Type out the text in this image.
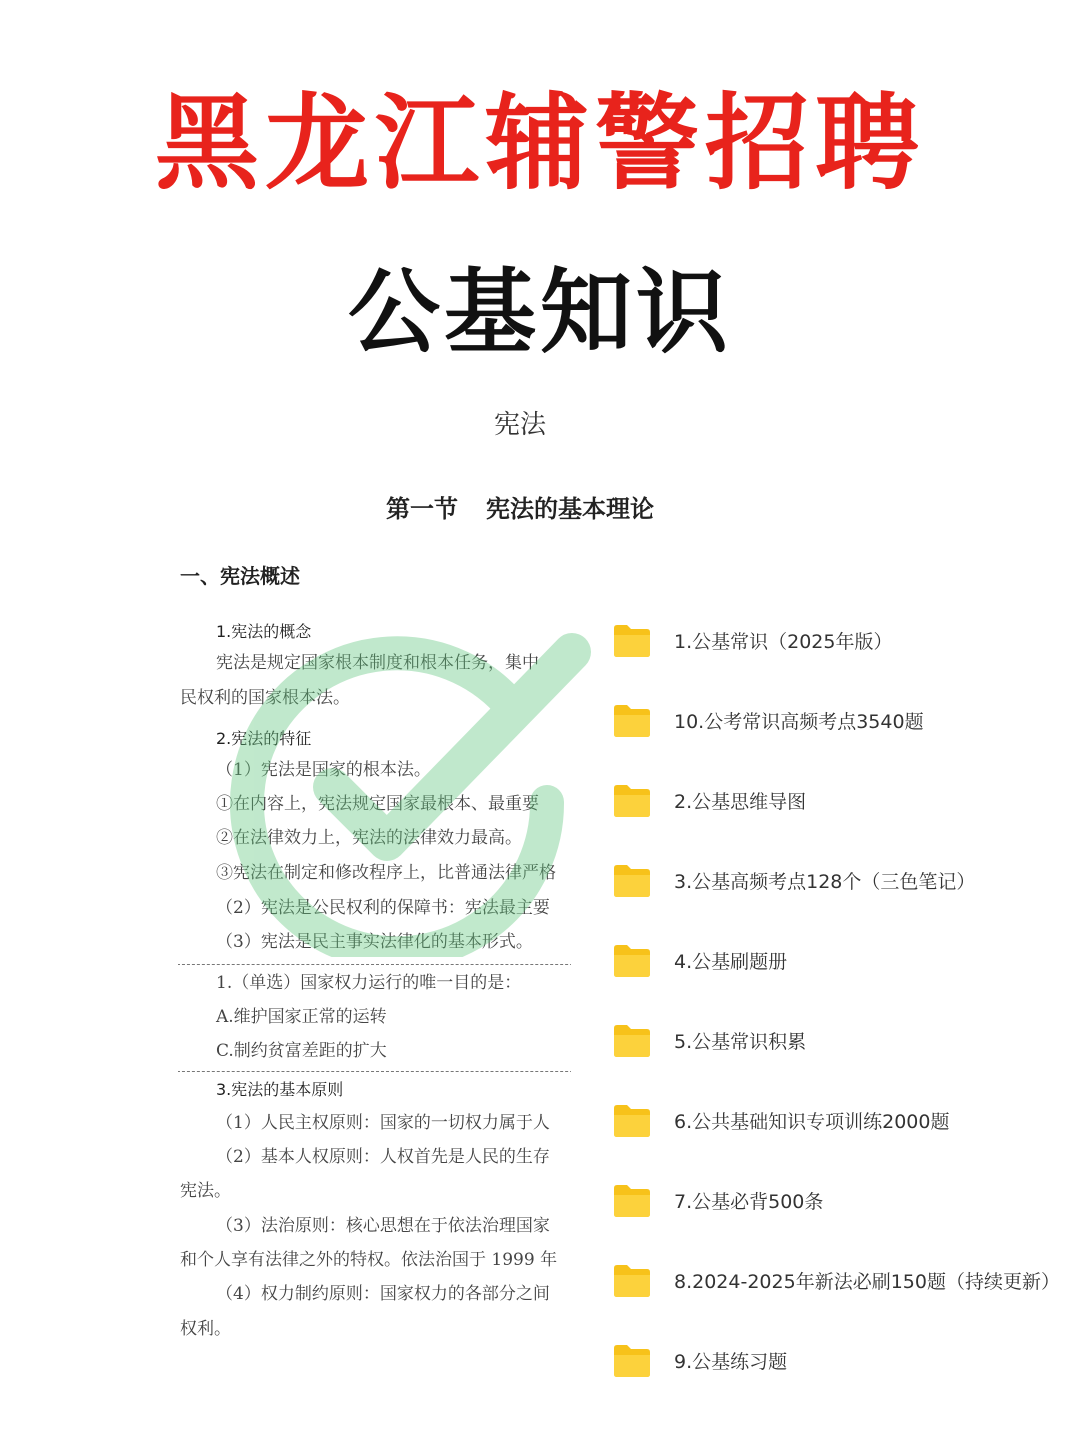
黑龙江辅警招聘
公基知识
宪法
第一节 宪法的基本理论
一、宪法概述
1.宪法的概念
宪法是规定国家根本制度和根本任务，集中
民权利的国家根本法。
2.宪法的特征
（1）宪法是国家的根本法。
①在内容上，宪法规定国家最根本、最重要
②在法律效力上，宪法的法律效力最高。
③宪法在制定和修改程序上，比普通法律严格
（2）宪法是公民权利的保障书：宪法最主要
（3）宪法是民主事实法律化的基本形式。
1.（单选）国家权力运行的唯一目的是：
A.维护国家正常的运转
C.制约贫富差距的扩大
3.宪法的基本原则
（1）人民主权原则：国家的一切权力属于人
（2）基本人权原则：人权首先是人民的生存
宪法。
（3）法治原则：核心思想在于依法治理国家
和个人享有法律之外的特权。依法治国于 1999 年
（4）权力制约原则：国家权力的各部分之间
权利。
1.公基常识（2025年版）
10.公考常识高频考点3540题
2.公基思维导图
3.公基高频考点128个（三色笔记）
4.公基刷题册
5.公基常识积累
6.公共基础知识专项训练2000题
7.公基必背500条
8.2024-2025年新法必刷150题（持续更新）
9.公基练习题
